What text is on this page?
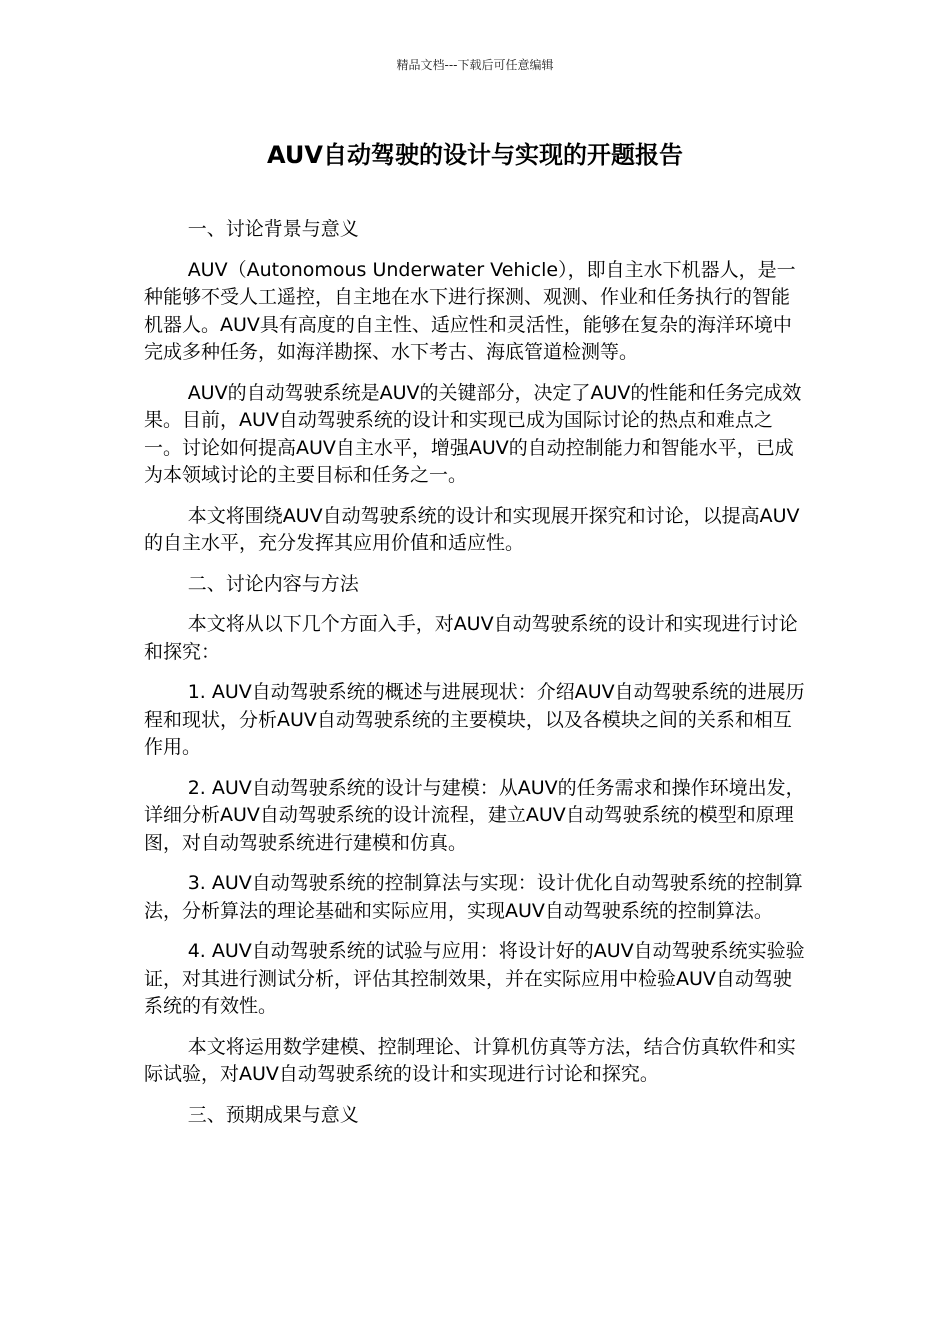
精品文档---下载后可任意编辑
AUV自动驾驶的设计与实现的开题报告

一、讨论背景与意义

AUV（Autonomous Underwater Vehicle），即自主水下机器人，是一种能够不受人工遥控，自主地在水下进行探测、观测、作业和任务执行的智能机器人。AUV具有高度的自主性、适应性和灵活性，能够在复杂的海洋环境中完成多种任务，如海洋勘探、水下考古、海底管道检测等。

AUV的自动驾驶系统是AUV的关键部分，决定了AUV的性能和任务完成效果。目前，AUV自动驾驶系统的设计和实现已成为国际讨论的热点和难点之一。讨论如何提高AUV自主水平，增强AUV的自动控制能力和智能水平，已成为本领域讨论的主要目标和任务之一。

本文将围绕AUV自动驾驶系统的设计和实现展开探究和讨论，以提高AUV的自主水平，充分发挥其应用价值和适应性。

二、讨论内容与方法

本文将从以下几个方面入手，对AUV自动驾驶系统的设计和实现进行讨论和探究：

1. AUV自动驾驶系统的概述与进展现状：介绍AUV自动驾驶系统的进展历程和现状，分析AUV自动驾驶系统的主要模块，以及各模块之间的关系和相互作用。

2. AUV自动驾驶系统的设计与建模：从AUV的任务需求和操作环境出发，详细分析AUV自动驾驶系统的设计流程，建立AUV自动驾驶系统的模型和原理图，对自动驾驶系统进行建模和仿真。

3. AUV自动驾驶系统的控制算法与实现：设计优化自动驾驶系统的控制算法，分析算法的理论基础和实际应用，实现AUV自动驾驶系统的控制算法。

4. AUV自动驾驶系统的试验与应用：将设计好的AUV自动驾驶系统实验验证，对其进行测试分析，评估其控制效果，并在实际应用中检验AUV自动驾驶系统的有效性。

本文将运用数学建模、控制理论、计算机仿真等方法，结合仿真软件和实际试验，对AUV自动驾驶系统的设计和实现进行讨论和探究。

三、预期成果与意义
